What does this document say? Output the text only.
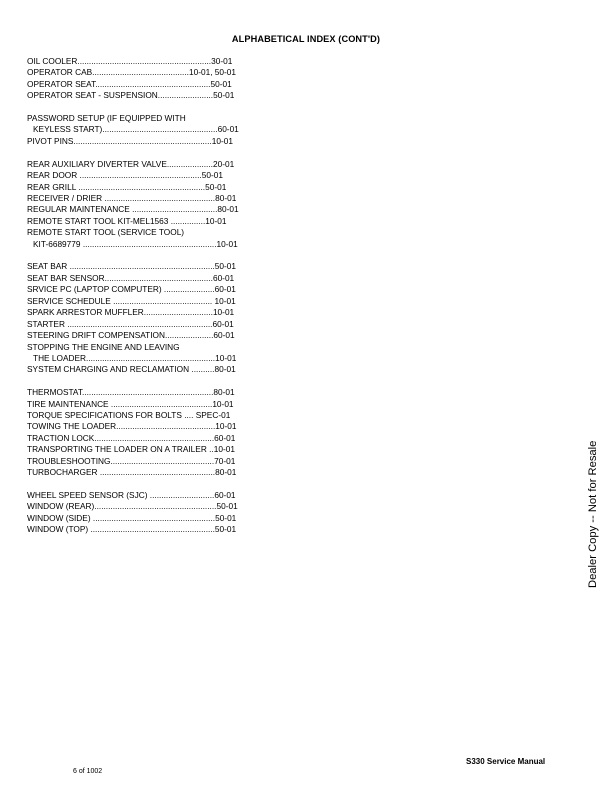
ALPHABETICAL INDEX (CONT'D)
OIL COOLER..........................................................30-01
OPERATOR CAB..........................................10-01, 50-01
OPERATOR SEAT..................................................50-01
OPERATOR SEAT - SUSPENSION........................50-01
PASSWORD SETUP (IF EQUIPPED WITH
KEYLESS START)..................................................60-01
PIVOT PINS............................................................10-01
REAR AUXILIARY DIVERTER VALVE....................20-01
REAR DOOR .....................................................50-01
REAR GRILL .......................................................50-01
RECEIVER / DRIER ................................................80-01
REGULAR MAINTENANCE .....................................80-01
REMOTE START TOOL KIT-MEL1563 ...............10-01
REMOTE START TOOL (SERVICE TOOL)
KIT-6689779 ..........................................................10-01
SEAT BAR ...............................................................50-01
SEAT BAR SENSOR...............................................60-01
SRVICE PC (LAPTOP COMPUTER) ......................60-01
SERVICE SCHEDULE ........................................... 10-01
SPARK ARRESTOR MUFFLER..............................10-01
STARTER ...............................................................60-01
STEERING DRIFT COMPENSATION.....................60-01
STOPPING THE ENGINE AND LEAVING
THE LOADER........................................................10-01
SYSTEM CHARGING AND RECLAMATION ..........80-01
THERMOSTAT.........................................................80-01
TIRE MAINTENANCE ............................................10-01
TORQUE SPECIFICATIONS FOR BOLTS .... SPEC-01
TOWING THE LOADER...........................................10-01
TRACTION LOCK....................................................60-01
TRANSPORTING THE LOADER ON A TRAILER ..10-01
TROUBLESHOOTING.............................................70-01
TURBOCHARGER ..................................................80-01
WHEEL SPEED SENSOR (SJC) ............................60-01
WINDOW (REAR).....................................................50-01
WINDOW (SIDE) .....................................................50-01
WINDOW (TOP) ......................................................50-01	Dealer Copy -- Not for Resale
6 of 1002
S330 Service Manual
